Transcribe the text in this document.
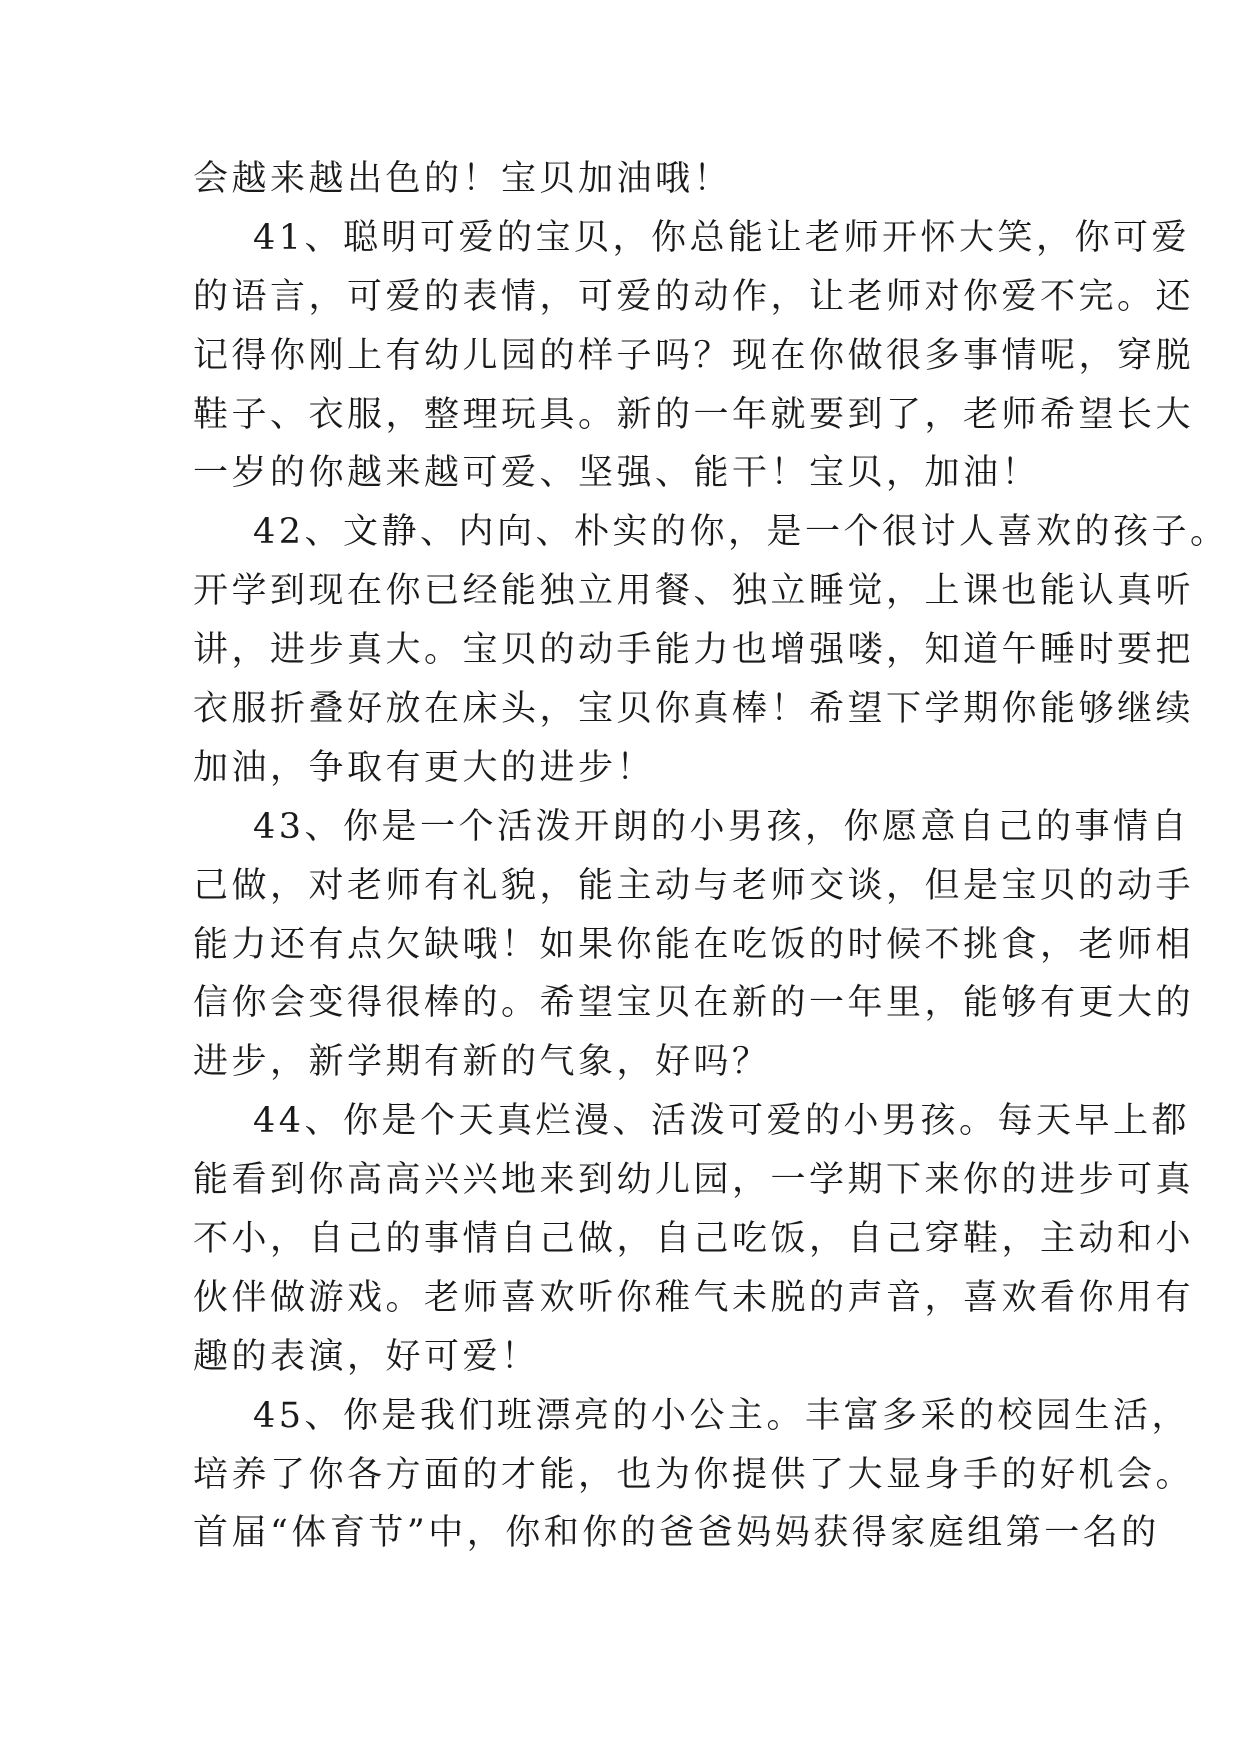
会越来越出色的！宝贝加油哦！
41、聪明可爱的宝贝，你总能让老师开怀大笑，你可爱
的语言，可爱的表情，可爱的动作，让老师对你爱不完。还
记得你刚上有幼儿园的样子吗？现在你做很多事情呢，穿脱
鞋子、衣服，整理玩具。新的一年就要到了，老师希望长大
一岁的你越来越可爱、坚强、能干！宝贝，加油！
42、文静、内向、朴实的你，是一个很讨人喜欢的孩子。
开学到现在你已经能独立用餐、独立睡觉，上课也能认真听
讲，进步真大。宝贝的动手能力也增强喽，知道午睡时要把
衣服折叠好放在床头，宝贝你真棒！希望下学期你能够继续
加油，争取有更大的进步！
43、你是一个活泼开朗的小男孩，你愿意自己的事情自
己做，对老师有礼貌，能主动与老师交谈，但是宝贝的动手
能力还有点欠缺哦！如果你能在吃饭的时候不挑食，老师相
信你会变得很棒的。希望宝贝在新的一年里，能够有更大的
进步，新学期有新的气象，好吗？
44、你是个天真烂漫、活泼可爱的小男孩。每天早上都
能看到你高高兴兴地来到幼儿园，一学期下来你的进步可真
不小，自己的事情自己做，自己吃饭，自己穿鞋，主动和小
伙伴做游戏。老师喜欢听你稚气未脱的声音，喜欢看你用有
趣的表演，好可爱！
45、你是我们班漂亮的小公主。丰富多采的校园生活，
培养了你各方面的才能，也为你提供了大显身手的好机会。
首届“体育节”中，你和你的爸爸妈妈获得家庭组第一名的
